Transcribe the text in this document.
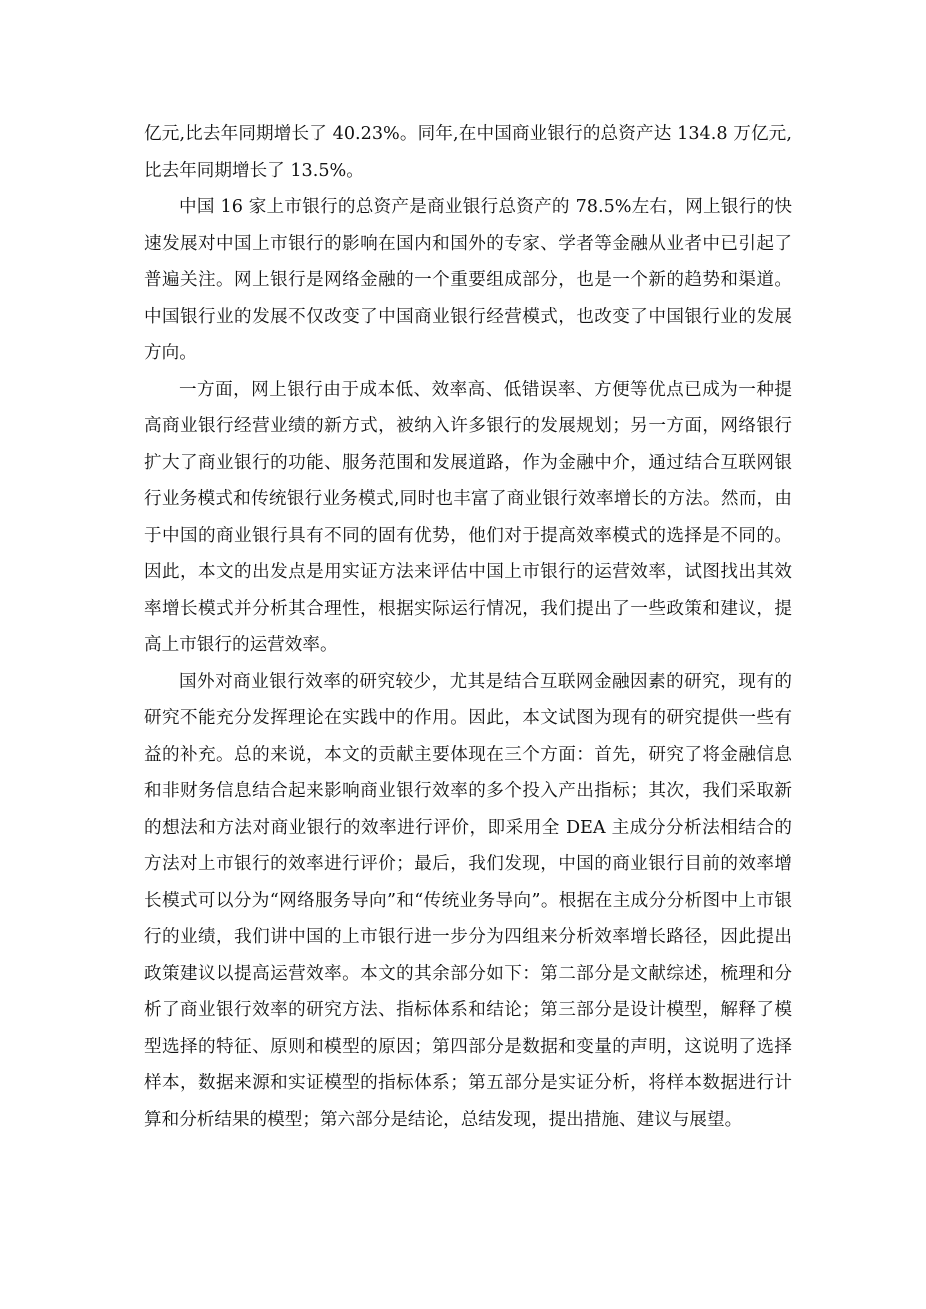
亿元,比去年同期增长了 40.23%。同年,在中国商业银行的总资产达 134.8 万亿元,比去年同期增长了 13.5%。

中国 16 家上市银行的总资产是商业银行总资产的 78.5%左右，网上银行的快速发展对中国上市银行的影响在国内和国外的专家、学者等金融从业者中已引起了普遍关注。网上银行是网络金融的一个重要组成部分，也是一个新的趋势和渠道。中国银行业的发展不仅改变了中国商业银行经营模式，也改变了中国银行业的发展方向。

一方面，网上银行由于成本低、效率高、低错误率、方便等优点已成为一种提高商业银行经营业绩的新方式，被纳入许多银行的发展规划；另一方面，网络银行扩大了商业银行的功能、服务范围和发展道路，作为金融中介，通过结合互联网银行业务模式和传统银行业务模式,同时也丰富了商业银行效率增长的方法。然而，由于中国的商业银行具有不同的固有优势，他们对于提高效率模式的选择是不同的。因此，本文的出发点是用实证方法来评估中国上市银行的运营效率，试图找出其效率增长模式并分析其合理性，根据实际运行情况，我们提出了一些政策和建议，提高上市银行的运营效率。

国外对商业银行效率的研究较少，尤其是结合互联网金融因素的研究，现有的研究不能充分发挥理论在实践中的作用。因此，本文试图为现有的研究提供一些有益的补充。总的来说，本文的贡献主要体现在三个方面：首先，研究了将金融信息和非财务信息结合起来影响商业银行效率的多个投入产出指标；其次，我们采取新的想法和方法对商业银行的效率进行评价，即采用全 DEA 主成分分析法相结合的方法对上市银行的效率进行评价；最后，我们发现，中国的商业银行目前的效率增长模式可以分为“网络服务导向”和“传统业务导向”。根据在主成分分析图中上市银行的业绩，我们讲中国的上市银行进一步分为四组来分析效率增长路径，因此提出政策建议以提高运营效率。本文的其余部分如下：第二部分是文献综述，梳理和分析了商业银行效率的研究方法、指标体系和结论；第三部分是设计模型，解释了模型选择的特征、原则和模型的原因；第四部分是数据和变量的声明，这说明了选择样本，数据来源和实证模型的指标体系；第五部分是实证分析，将样本数据进行计算和分析结果的模型；第六部分是结论，总结发现，提出措施、建议与展望。
